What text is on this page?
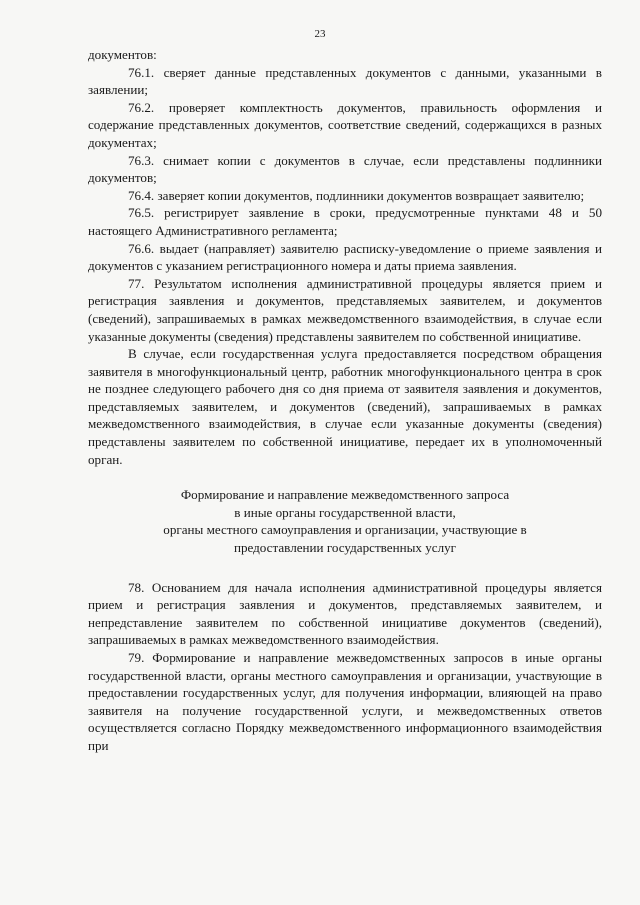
23

документов:

76.1. сверяет данные представленных документов с данными, указанными в заявлении;

76.2. проверяет комплектность документов, правильность оформления и содержание представленных документов, соответствие сведений, содержащихся в разных документах;

76.3. снимает копии с документов в случае, если представлены подлинники документов;

76.4. заверяет копии документов, подлинники документов возвращает заявителю;

76.5. регистрирует заявление в сроки, предусмотренные пунктами 48 и 50 настоящего Административного регламента;

76.6. выдает (направляет) заявителю расписку-уведомление о приеме заявления и документов с указанием регистрационного номера и даты приема заявления.

77. Результатом исполнения административной процедуры является прием и регистрация заявления и документов, представляемых заявителем, и документов (сведений), запрашиваемых в рамках межведомственного взаимодействия, в случае если указанные документы (сведения) представлены заявителем по собственной инициативе.

В случае, если государственная услуга предоставляется посредством обращения заявителя в многофункциональный центр, работник многофункционального центра в срок не позднее следующего рабочего дня со дня приема от заявителя заявления и документов, представляемых заявителем, и документов (сведений), запрашиваемых в рамках межведомственного взаимодействия, в случае если указанные документы (сведения) представлены заявителем по собственной инициативе, передает их в уполномоченный орган.

Формирование и направление межведомственного запроса
в иные органы государственной власти,
органы местного самоуправления и организации, участвующие в
предоставлении государственных услуг

78. Основанием для начала исполнения административной процедуры является прием и регистрация заявления и документов, представляемых заявителем, и непредставление заявителем по собственной инициативе документов (сведений), запрашиваемых в рамках межведомственного взаимодействия.

79. Формирование и направление межведомственных запросов в иные органы государственной власти, органы местного самоуправления и организации, участвующие в предоставлении государственных услуг, для получения информации, влияющей на право заявителя на получение государственной услуги, и межведомственных ответов осуществляется согласно Порядку межведомственного информационного взаимодействия при
